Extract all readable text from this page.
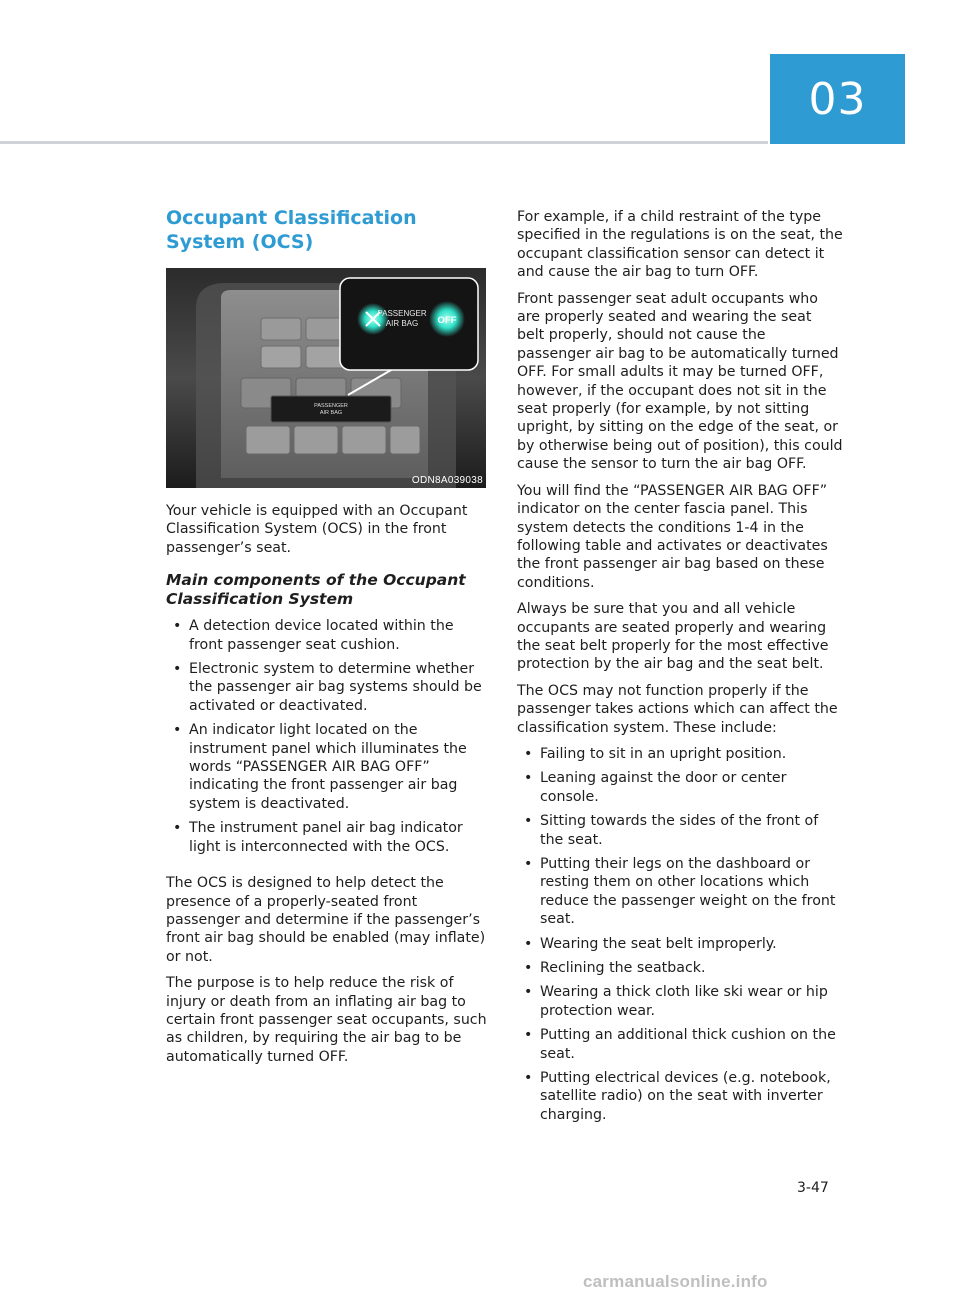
03
Occupant Classification System (OCS)
PASSENGER
AIR BAG
PASSENGER
AIR BAG OFF
ODN8A039038

Your vehicle is equipped with an Occupant Classification System (OCS) in the front passenger’s seat.

Main components of the Occupant Classification System
• A detection device located within the front passenger seat cushion.
• Electronic system to determine whether the passenger air bag systems should be activated or deactivated.
• An indicator light located on the instrument panel which illuminates the words “PASSENGER AIR BAG OFF” indicating the front passenger air bag system is deactivated.
• The instrument panel air bag indicator light is interconnected with the OCS.

The OCS is designed to help detect the presence of a properly-seated front passenger and determine if the passenger’s front air bag should be enabled (may inflate) or not.

The purpose is to help reduce the risk of injury or death from an inflating air bag to certain front passenger seat occupants, such as children, by requiring the air bag to be automatically turned OFF.

For example, if a child restraint of the type specified in the regulations is on the seat, the occupant classification sensor can detect it and cause the air bag to turn OFF.

Front passenger seat adult occupants who are properly seated and wearing the seat belt properly, should not cause the passenger air bag to be automatically turned OFF. For small adults it may be turned OFF, however, if the occupant does not sit in the seat properly (for example, by not sitting upright, by sitting on the edge of the seat, or by otherwise being out of position), this could cause the sensor to turn the air bag OFF.

You will find the “PASSENGER AIR BAG OFF” indicator on the center fascia panel. This system detects the conditions 1-4 in the following table and activates or deactivates the front passenger air bag based on these conditions.

Always be sure that you and all vehicle occupants are seated properly and wearing the seat belt properly for the most effective protection by the air bag and the seat belt.

The OCS may not function properly if the passenger takes actions which can affect the classification system. These include:

• Failing to sit in an upright position.
• Leaning against the door or center console.
• Sitting towards the sides of the front of the seat.
• Putting their legs on the dashboard or resting them on other locations which reduce the passenger weight on the front seat.
• Wearing the seat belt improperly.
• Reclining the seatback.
• Wearing a thick cloth like ski wear or hip protection wear.
• Putting an additional thick cushion on the seat.
• Putting electrical devices (e.g. notebook, satellite radio) on the seat with inverter charging.
3-47
carmanualsonline.info
